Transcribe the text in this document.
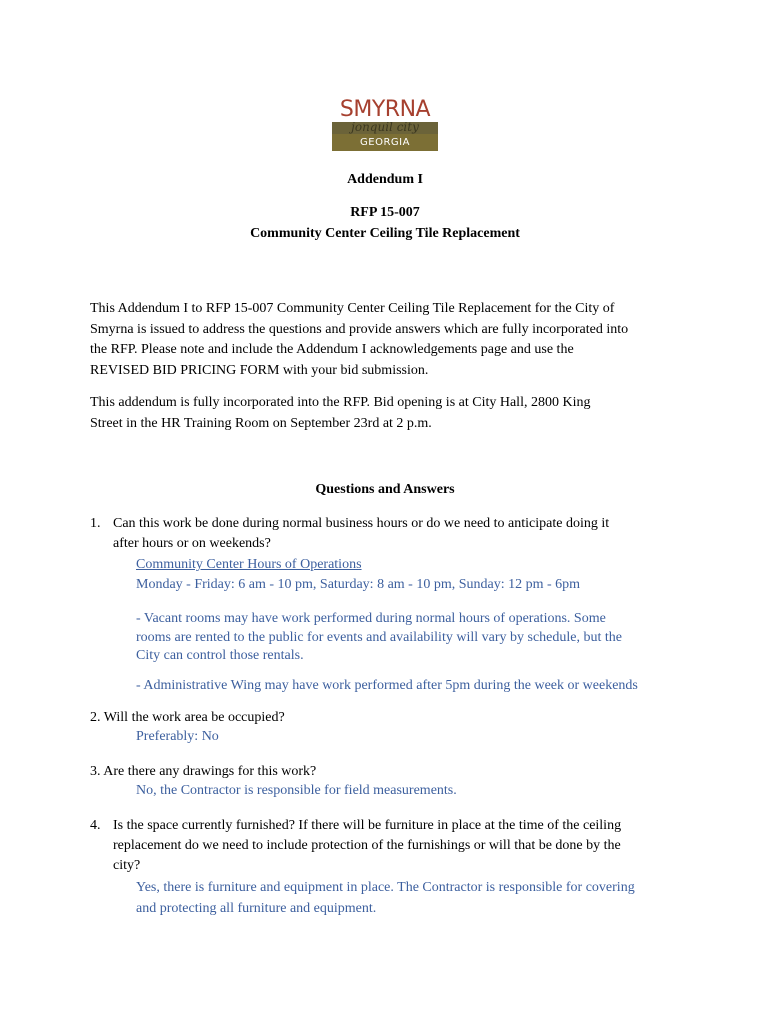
SMYRNA
jonquil city
GEORGIA
Addendum I
RFP 15-007
Community Center Ceiling Tile Replacement
This Addendum I to RFP 15-007 Community Center Ceiling Tile Replacement for the City of
Smyrna is issued to address the questions and provide answers which are fully incorporated into
the RFP. Please note and include the Addendum I acknowledgements page and use the
REVISED BID PRICING FORM with your bid submission.
This addendum is fully incorporated into the RFP. Bid opening is at City Hall, 2800 King
Street in the HR Training Room on September 23rd at 2 p.m.
Questions and Answers
1. Can this work be done during normal business hours or do we need to anticipate doing it
after hours or on weekends?
Community Center Hours of Operations
Monday - Friday: 6 am - 10 pm, Saturday: 8 am - 10 pm, Sunday: 12 pm - 6pm
- Vacant rooms may have work performed during normal hours of operations. Some
rooms are rented to the public for events and availability will vary by schedule, but the
City can control those rentals.
- Administrative Wing may have work performed after 5pm during the week or weekends
2. Will the work area be occupied?
Preferably: No
3. Are there any drawings for this work?
No, the Contractor is responsible for field measurements.
4. Is the space currently furnished? If there will be furniture in place at the time of the ceiling
replacement do we need to include protection of the furnishings or will that be done by the
city?
Yes, there is furniture and equipment in place. The Contractor is responsible for covering
and protecting all furniture and equipment.
